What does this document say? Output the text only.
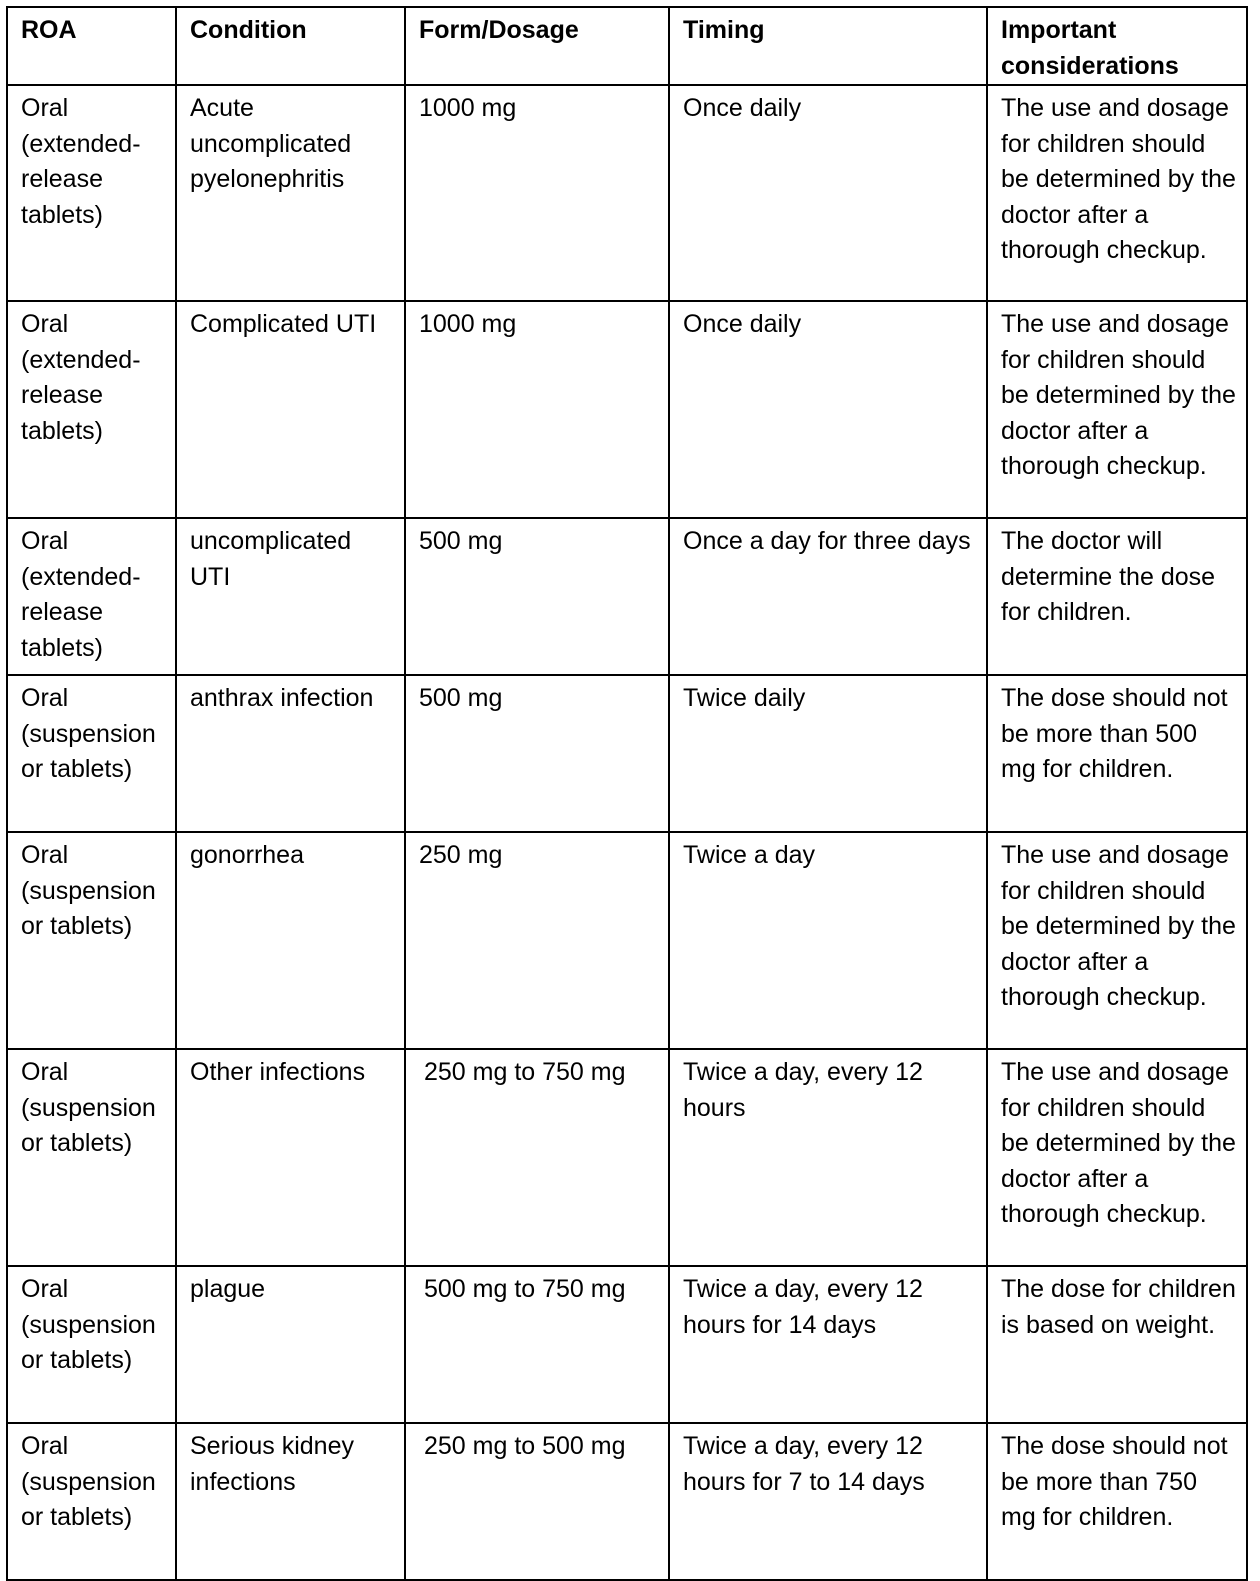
ROA	Condition	Form/Dosage	Timing	Important considerations
Oral (extended-release tablets)	Acute uncomplicated pyelonephritis	1000 mg	Once daily	The use and dosage for children should be determined by the doctor after a thorough checkup.
Oral (extended-release tablets)	Complicated UTI	1000 mg	Once daily	The use and dosage for children should be determined by the doctor after a thorough checkup.
Oral (extended-release tablets)	uncomplicated UTI	500 mg	Once a day for three days	The doctor will determine the dose for children.
Oral (suspension or tablets)	anthrax infection	500 mg	Twice daily	The dose should not be more than 500 mg for children.
Oral (suspension or tablets)	gonorrhea	250 mg	Twice a day	The use and dosage for children should be determined by the doctor after a thorough checkup.
Oral (suspension or tablets)	Other infections	250 mg to 750 mg	Twice a day, every 12 hours	The use and dosage for children should be determined by the doctor after a thorough checkup.
Oral (suspension or tablets)	plague	500 mg to 750 mg	Twice a day, every 12 hours for 14 days	The dose for children is based on weight.
Oral (suspension or tablets)	Serious kidney infections	250 mg to 500 mg	Twice a day, every 12 hours for 7 to 14 days	The dose should not be more than 750 mg for children.
